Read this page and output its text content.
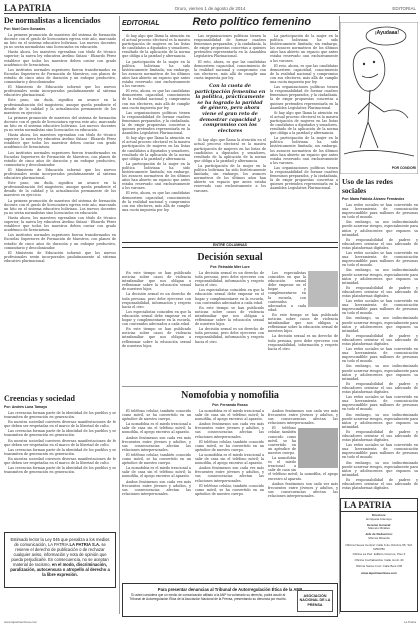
LA PATRIA	Oruro, viernes 1 de agosto de 2014	EDITORIAL
De normalistas a licenciados
Por: Noel Coro Gonzales

La primera promoción de maestros del sistema de formación docente con el grado de licenciatura egresa este año, marcando un hito en el sistema educativo boliviano. Los nuevos docentes ya no serán normalistas sino licenciados en educación.

Hasta ahora, los maestros egresaban con título de técnico superior; la nueva ley educativa Avelino Siñani - Elizardo Pérez establece que todos los maestros deben contar con grado académico de licenciatura.

Los institutos normales superiores fueron transformados en Escuelas Superiores de Formación de Maestros, con planes de estudio de cinco años de duración y un enfoque productivo, comunitario y descolonizador.

El Ministerio de Educación informó que los nuevos profesionales serán incorporados paulatinamente al sistema educativo plurinacional.

Este paso, sin duda, significa un avance en la profesionalización del magisterio, aunque queda pendiente el desafío de la calidad y la actualización permanente de los maestros en ejercicio.

La primera promoción de maestros del sistema de formación docente con el grado de licenciatura egresa este año, marcando un hito en el sistema educativo boliviano. Los nuevos docentes ya no serán normalistas sino licenciados en educación.

Hasta ahora, los maestros egresaban con título de técnico superior; la nueva ley educativa Avelino Siñani - Elizardo Pérez establece que todos los maestros deben contar con grado académico de licenciatura.

Los institutos normales superiores fueron transformados en Escuelas Superiores de Formación de Maestros, con planes de estudio de cinco años de duración y un enfoque productivo, comunitario y descolonizador.

El Ministerio de Educación informó que los nuevos profesionales serán incorporados paulatinamente al sistema educativo plurinacional.

Este paso, sin duda, significa un avance en la profesionalización del magisterio, aunque queda pendiente el desafío de la calidad y la actualización permanente de los maestros en ejercicio.

La primera promoción de maestros del sistema de formación docente con el grado de licenciatura egresa este año, marcando un hito en el sistema educativo boliviano. Los nuevos docentes ya no serán normalistas sino licenciados en educación.

Hasta ahora, los maestros egresaban con título de técnico superior; la nueva ley educativa Avelino Siñani - Elizardo Pérez establece que todos los maestros deben contar con grado académico de licenciatura.

Los institutos normales superiores fueron transformados en Escuelas Superiores de Formación de Maestros, con planes de estudio de cinco años de duración y un enfoque productivo, comunitario y descolonizador.

El Ministerio de Educación informó que los nuevos profesionales serán incorporados paulatinamente al sistema educativo plurinacional.

Creencias y sociedad
Por: Andrés Luna Tamayo

Las creencias forman parte de la identidad de los pueblos y se transmiten de generación en generación.

En nuestra sociedad conviven diversas manifestaciones de fe que deben ser respetadas en el marco de la libertad de culto.

Las creencias forman parte de la identidad de los pueblos y se transmiten de generación en generación.

En nuestra sociedad conviven diversas manifestaciones de fe que deben ser respetadas en el marco de la libertad de culto.

Las creencias forman parte de la identidad de los pueblos y se transmiten de generación en generación.

En nuestra sociedad conviven diversas manifestaciones de fe que deben ser respetadas en el marco de la libertad de culto.

Las creencias forman parte de la identidad de los pueblos y se transmiten de generación en generación.

Estimado lector la Ley 045 que penaliza a los medios de comunicación, LA PATRIA LA PATRIA S.A. se reserve el derecho de publicación o de rechazar cualquier aviso, información y nota de opinión que pueda perjudicarle. En consecuencia, no se aceptan material de racismo, en el modo, discriminación, paralización, autocensura o atropello al derecho a la libre expresión.
EDITORIAL	Reto político femenino

Si hay algo que llama la atención en el actual proceso electoral es la masiva participación de mujeres en las listas de candidatos a diputados y senadores, resultado de la aplicación de la norma que obliga a la paridad y alternancia.

La participación de la mujer en la política boliviana ha sido históricamente limitada; sin embargo, los avances normativos de los últimos años han abierto un espacio que antes estaba reservado casi exclusivamente a los varones.

El reto, ahora, es que las candidatas demuestren capacidad, conocimiento de la realidad nacional y compromiso con sus electores, más allá de cumplir una cuota impuesta por ley.

Las organizaciones políticas tienen la responsabilidad de formar cuadros femeninos preparados, y la ciudadanía, la de exigir propuestas concretas a quienes pretenden representarla en la Asamblea Legislativa Plurinacional.

Si hay algo que llama la atención en el actual proceso electoral es la masiva participación de mujeres en las listas de candidatos a diputados y senadores, resultado de la aplicación de la norma que obliga a la paridad y alternancia.

La participación de la mujer en la política boliviana ha sido históricamente limitada; sin embargo, los avances normativos de los últimos años han abierto un espacio que antes estaba reservado casi exclusivamente a los varones.

El reto, ahora, es que las candidatas demuestren capacidad, conocimiento de la realidad nacional y compromiso con sus electores, más allá de cumplir una cuota impuesta por ley.

Las organizaciones políticas tienen la responsabilidad de formar cuadros femeninos preparados, y la ciudadanía, la de exigir propuestas concretas a quienes pretenden representarla en la Asamblea Legislativa Plurinacional.

El reto, ahora, es que las candidatas demuestren capacidad, conocimiento de la realidad nacional y compromiso con sus electores, más allá de cumplir una cuota impuesta por ley.

Con la cuota de participación femenina en la política, prácticamente se ha logrado la paridad de género, pero ahora viene el gran reto de demostrar capacidad y compromiso con los electores

Si hay algo que llama la atención en el actual proceso electoral es la masiva participación de mujeres en las listas de candidatos a diputados y senadores, resultado de la aplicación de la norma que obliga a la paridad y alternancia.

La participación de la mujer en la política boliviana ha sido históricamente limitada; sin embargo, los avances normativos de los últimos años han abierto un espacio que antes estaba reservado casi exclusivamente a los varones.

La participación de la mujer en la política boliviana ha sido históricamente limitada; sin embargo, los avances normativos de los últimos años han abierto un espacio que antes estaba reservado casi exclusivamente a los varones.

El reto, ahora, es que las candidatas demuestren capacidad, conocimiento de la realidad nacional y compromiso con sus electores, más allá de cumplir una cuota impuesta por ley.

Las organizaciones políticas tienen la responsabilidad de formar cuadros femeninos preparados, y la ciudadanía, la de exigir propuestas concretas a quienes pretenden representarla en la Asamblea Legislativa Plurinacional.

Si hay algo que llama la atención en el actual proceso electoral es la masiva participación de mujeres en las listas de candidatos a diputados y senadores, resultado de la aplicación de la norma que obliga a la paridad y alternancia.

La participación de la mujer en la política boliviana ha sido históricamente limitada; sin embargo, los avances normativos de los últimos años han abierto un espacio que antes estaba reservado casi exclusivamente a los varones.

Las organizaciones políticas tienen la responsabilidad de formar cuadros femeninos preparados, y la ciudadanía, la de exigir propuestas concretas a quienes pretenden representarla en la Asamblea Legislativa Plurinacional.

¡Ayudaaa!
POR CONDORI
Uso de las redes sociales
Por: María Fabiola Álvarez Fernández

Las redes sociales se han convertido en una herramienta de comunicación imprescindible para millones de personas en todo el mundo.

Sin embargo, su uso indiscriminado puede acarrear riesgos, especialmente para niños y adolescentes que exponen su intimidad.

Es responsabilidad de padres y educadores orientar el uso adecuado de estas plataformas digitales.

Las redes sociales se han convertido en una herramienta de comunicación imprescindible para millones de personas en todo el mundo.

Sin embargo, su uso indiscriminado puede acarrear riesgos, especialmente para niños y adolescentes que exponen su intimidad.

Es responsabilidad de padres y educadores orientar el uso adecuado de estas plataformas digitales.

Las redes sociales se han convertido en una herramienta de comunicación imprescindible para millones de personas en todo el mundo.

Sin embargo, su uso indiscriminado puede acarrear riesgos, especialmente para niños y adolescentes que exponen su intimidad.

Es responsabilidad de padres y educadores orientar el uso adecuado de estas plataformas digitales.

Las redes sociales se han convertido en una herramienta de comunicación imprescindible para millones de personas en todo el mundo.

Sin embargo, su uso indiscriminado puede acarrear riesgos, especialmente para niños y adolescentes que exponen su intimidad.

Es responsabilidad de padres y educadores orientar el uso adecuado de estas plataformas digitales.

Las redes sociales se han convertido en una herramienta de comunicación imprescindible para millones de personas en todo el mundo.

Sin embargo, su uso indiscriminado puede acarrear riesgos, especialmente para niños y adolescentes que exponen su intimidad.

Es responsabilidad de padres y educadores orientar el uso adecuado de estas plataformas digitales.

Las redes sociales se han convertido en una herramienta de comunicación imprescindible para millones de personas en todo el mundo.

Sin embargo, su uso indiscriminado puede acarrear riesgos, especialmente para niños y adolescentes que exponen su intimidad.

Es responsabilidad de padres y educadores orientar el uso adecuado de estas plataformas digitales.

ENTRE COLUMNAS
Decisión sexual
Por: Reinaldo Mier Lore

En este tiempo se han publicado noticias sobre casos de violencia intrafamiliar que nos obligan a reflexionar sobre la educación sexual de nuestros hijos.

La decisión sexual es un derecho de toda persona, pero debe ejercerse con responsabilidad, información y respeto hacia el otro.

Los especialistas coinciden en que la educación sexual debe empezar en el hogar y complementarse en la escuela, con contenidos adecuados a cada edad.

En este tiempo se han publicado noticias sobre casos de violencia intrafamiliar que nos obligan a reflexionar sobre la educación sexual de nuestros hijos.

La decisión sexual es un derecho de toda persona, pero debe ejercerse con responsabilidad, información y respeto hacia el otro.

Los especialistas coinciden en que la educación sexual debe empezar en el hogar y complementarse en la escuela, con contenidos adecuados a cada edad.

En este tiempo se han publicado noticias sobre casos de violencia intrafamiliar que nos obligan a reflexionar sobre la educación sexual de nuestros hijos.

La decisión sexual es un derecho de toda persona, pero debe ejercerse con responsabilidad, información y respeto hacia el otro.

Los especialistas coinciden en que la educación sexual debe empezar en el hogar y complementarse en la escuela, con contenidos adecuados a cada edad.

En este tiempo se han publicado noticias sobre casos de violencia intrafamiliar que nos obligan a reflexionar sobre la educación sexual de nuestros hijos.

La decisión sexual es un derecho de toda persona, pero debe ejercerse con responsabilidad, información y respeto hacia el otro.

Nomofobia y nomofilia
Por: Fernando Rosso

El teléfono celular, también conocido como móvil, se ha convertido en un apéndice de nuestro cuerpo.

La nomofobia es el miedo irracional a salir de casa sin el teléfono móvil; la nomofilia, el apego excesivo al aparato.

Ambos fenómenos son cada vez más frecuentes entre jóvenes y adultos, y sus consecuencias afectan las relaciones interpersonales.

El teléfono celular, también conocido como móvil, se ha convertido en un apéndice de nuestro cuerpo.

La nomofobia es el miedo irracional a salir de casa sin el teléfono móvil; la nomofilia, el apego excesivo al aparato.

Ambos fenómenos son cada vez más frecuentes entre jóvenes y adultos, y sus consecuencias afectan las relaciones interpersonales.

La nomofobia es el miedo irracional a salir de casa sin el teléfono móvil; la nomofilia, el apego excesivo al aparato.

Ambos fenómenos son cada vez más frecuentes entre jóvenes y adultos, y sus consecuencias afectan las relaciones interpersonales.

El teléfono celular, también conocido como móvil, se ha convertido en un apéndice de nuestro cuerpo.

La nomofobia es el miedo irracional a salir de casa sin el teléfono móvil; la nomofilia, el apego excesivo al aparato.

Ambos fenómenos son cada vez más frecuentes entre jóvenes y adultos, y sus consecuencias afectan las relaciones interpersonales.

El teléfono celular, también conocido como móvil, se ha convertido en un apéndice de nuestro cuerpo.

Ambos fenómenos son cada vez más frecuentes entre jóvenes y adultos, y sus consecuencias afectan las relaciones interpersonales.

El teléfono celular, también conocido como móvil, se ha convertido en un apéndice de nuestro cuerpo.

La nomofobia es el miedo irracional a salir de casa sin el teléfono móvil; la nomofilia, el apego excesivo al aparato.

Ambos fenómenos son cada vez más frecuentes entre jóvenes y adultos, y sus consecuencias afectan las relaciones interpersonales.

Para presentar denuncias al Tribunal de Autorregulación Ética de la ANP
Si usted considera que un medio de comunicación afiliado a la ANP ha vulnerado su derecho, podrá acudir al Tribunal de Autorregulación Ética de la Asociación Nacional de la Prensa, presentando su denuncia por escrito.
ASOCIACIÓN NACIONAL DE LA PRENSA
LA PATRIA
Directora:
Enriqueta Aramayo
Gerente General:
Marcelo Miralles
Jefe de Redacción:
Mónica Miranda
Oficina Nueva Central: Calle 6 de Octubre 65, Telf. 5250780
Oficina La Paz: Edificio Cosmos, Piso 6
Oficina Cochabamba: Calle Junín 40
Oficina Santa Cruz: Calle Beni 246
www.lapatriaenlinea.com
www.lapatriaenlinea.com	La Patria
